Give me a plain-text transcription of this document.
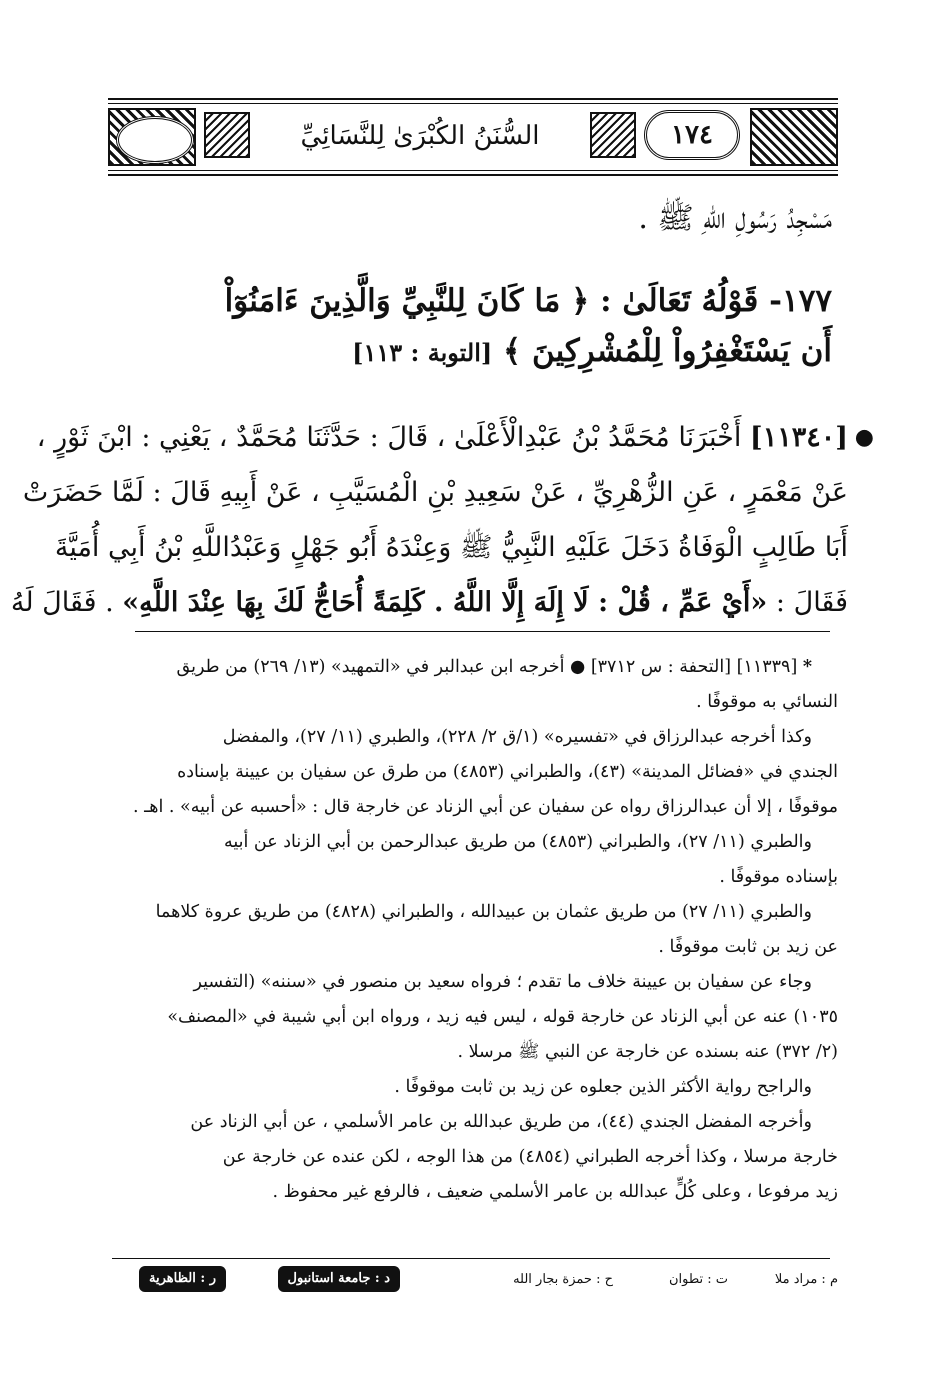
السُّنَنُ الكُبْرَىٰ لِلنَّسَائِيِّ	١٧٤
مَسْجِدُ رَسُولِ اللهِ ﷺ .
١٧٧- قَوْلُهُ تَعَالَىٰ : ﴿ مَا كَانَ لِلنَّبِيِّ وَالَّذِينَ ءَامَنُوٓاْ
أَن يَسْتَغْفِرُواْ لِلْمُشْرِكِينَ ﴾ [التوبة : ١١٣]
●
[١١٣٤٠] أَخْبَرَنَا مُحَمَّدُ بْنُ عَبْدِالْأَعْلَىٰ ، قَالَ : حَدَّثَنَا مُحَمَّدٌ ، يَعْنِي : ابْنَ ثَوْرٍ ،
عَنْ مَعْمَرٍ ، عَنِ الزُّهْرِيِّ ، عَنْ سَعِيدِ بْنِ الْمُسَيَّبِ ، عَنْ أَبِيهِ قَالَ : لَمَّا حَضَرَتْ
أَبَا طَالِبٍ الْوَفَاةُ دَخَلَ عَلَيْهِ النَّبِيُّ ﷺ وَعِنْدَهُ أَبُو جَهْلٍ وَعَبْدُاللَّهِ بْنُ أَبِي أُمَيَّةَ
فَقَالَ : «أَيْ عَمِّ ، قُلْ : لَا إِلَهَ إِلَّا اللَّهُ . كَلِمَةً أُحَاجُّ لَكَ بِهَا عِنْدَ اللَّهِ» . فَقَالَ لَهُ
* [١١٣٣٩] [التحفة : س ٣٧١٢] ● أخرجه ابن عبدالبر في «التمهيد» (١٣/ ٢٦٩) من طريق
النسائي به موقوفًا .
وكذا أخرجه عبدالرزاق في «تفسيره» (١/ق ٢/ ٢٢٨)، والطبري (١١/ ٢٧)، والمفضل
الجندي في «فضائل المدينة» (٤٣)، والطبراني (٤٨٥٣) من طرق عن سفيان بن عيينة بإسناده
موقوفًا ، إلا أن عبدالرزاق رواه عن سفيان عن أبي الزناد عن خارجة قال : «أحسبه عن أبيه» . اهـ .
والطبري (١١/ ٢٧)، والطبراني (٤٨٥٣) من طريق عبدالرحمن بن أبي الزناد عن أبيه
بإسناده موقوفًا .
والطبري (١١/ ٢٧) من طريق عثمان بن عبيدالله ، والطبراني (٤٨٢٨) من طريق عروة كلاهما
عن زيد بن ثابت موقوفًا .
وجاء عن سفيان بن عيينة خلاف ما تقدم ؛ فرواه سعيد بن منصور في «سننه» (التفسير
١٠٣٥) عنه عن أبي الزناد عن خارجة قوله ، ليس فيه زيد ، ورواه ابن أبي شيبة في «المصنف»
(٢/ ٣٧٢) عنه بسنده عن خارجة عن النبي ﷺ مرسلا .
والراجح رواية الأكثر الذين جعلوه عن زيد بن ثابت موقوفًا .
وأخرجه المفضل الجندي (٤٤)، من طريق عبدالله بن عامر الأسلمي ، عن أبي الزناد عن
خارجة مرسلا ، وكذا أخرجه الطبراني (٤٨٥٤) من هذا الوجه ، لكن عنده عن خارجة عن
زيد مرفوعا ، وعلى كُلٍّ عبدالله بن عامر الأسلمي ضعيف ، فالرفع غير محفوظ .
م : مراد ملا
ت : تطوان
ح : حمزة بجار الله
د : جامعة استانبول
ر : الظاهرية
